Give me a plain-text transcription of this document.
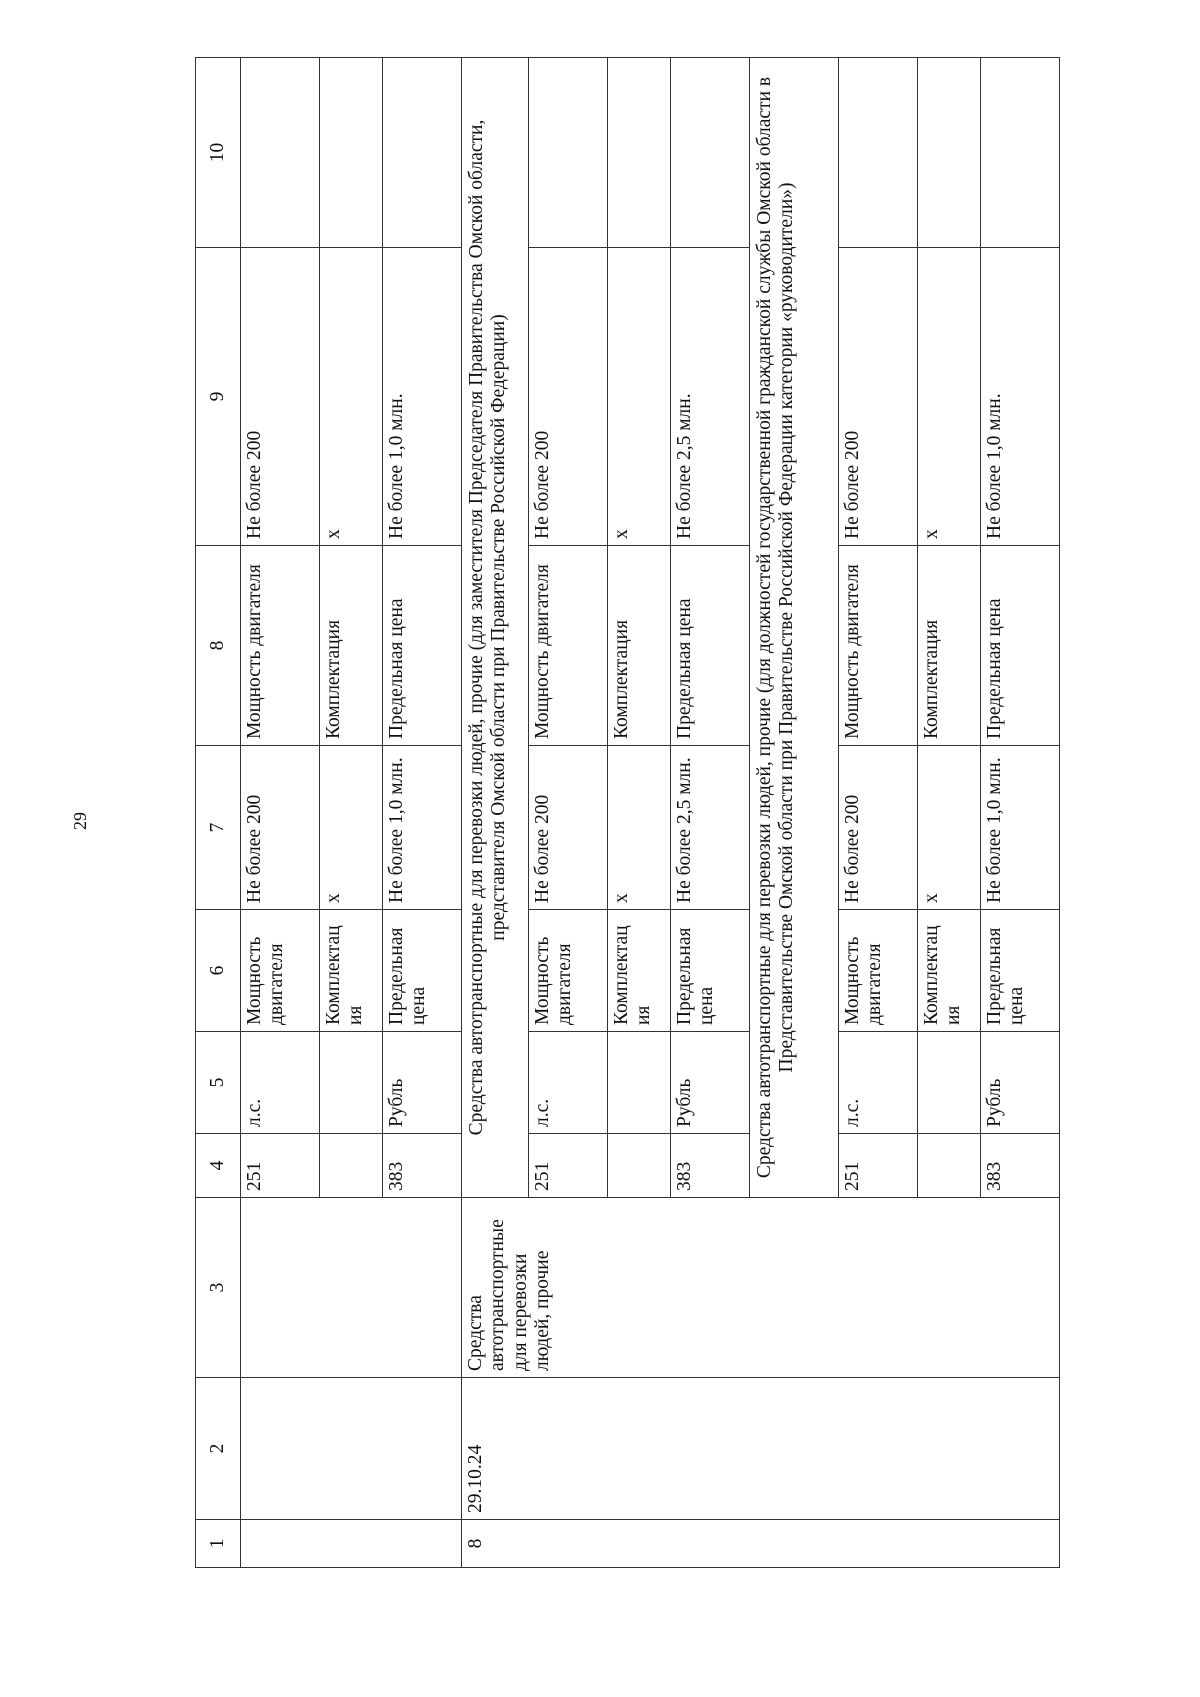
29
1	2	3	4	5	6	7	8	9	10
			251	л.с.	Мощность двигателя	Не более 200	Мощность двигателя	Не более 200	
					Комплектация	x	Комплектация	x	
			383	Рубль	Предельная цена	Не более 1,0 млн.	Предельная цена	Не более 1,0 млн.	
8	29.10.24	Средства автотранспортные для перевозки людей, прочие	Средства автотранспортные для перевозки людей, прочие (для заместителя Председателя Правительства Омской области, представителя Омской области при Правительстве Российской Федерации)						
			251	л.с.	Мощность двигателя	Не более 200	Мощность двигателя	Не более 200	
					Комплектация	x	Комплектация	x	
			383	Рубль	Предельная цена	Не более 2,5 млн.	Предельная цена	Не более 2,5 млн.	
			Средства автотранспортные для перевозки людей, прочие (для должностей государственной гражданской службы Омской области в Представительстве Омской области при Правительстве Российской Федерации категории «руководители»)						
			251	л.с.	Мощность двигателя	Не более 200	Мощность двигателя	Не более 200	
					Комплектация	x	Комплектация	x	
			383	Рубль	Предельная цена	Не более 1,0 млн.	Предельная цена	Не более 1,0 млн.	
